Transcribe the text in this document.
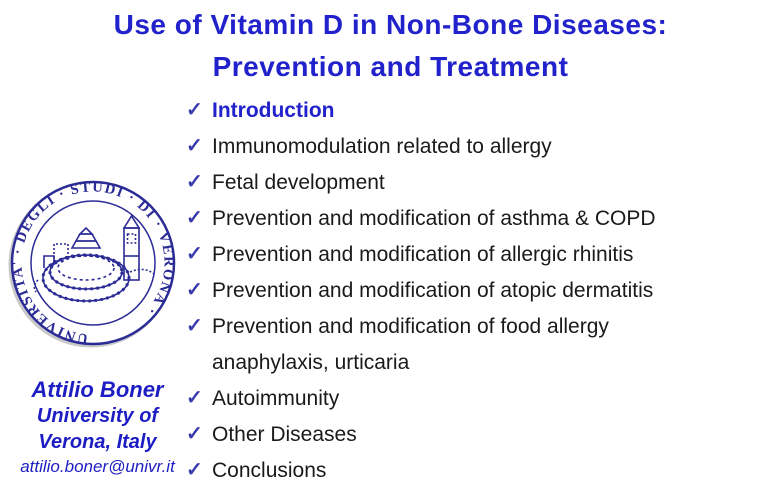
Use of Vitamin D in Non-Bone Diseases:
Prevention and Treatment
UNIVERSITA' · DEGLI · STUDI · DI · VERONA ·
Attilio Boner
University of
Verona, Italy
attilio.boner@univr.it
✓ Introduction
✓ Immunomodulation related to allergy
✓ Fetal development
✓ Prevention and modification of asthma & COPD
✓ Prevention and modification of allergic rhinitis
✓ Prevention and modification of atopic dermatitis
✓ Prevention and modification of food allergy
anaphylaxis, urticaria
✓ Autoimmunity
✓ Other Diseases
✓ Conclusions
